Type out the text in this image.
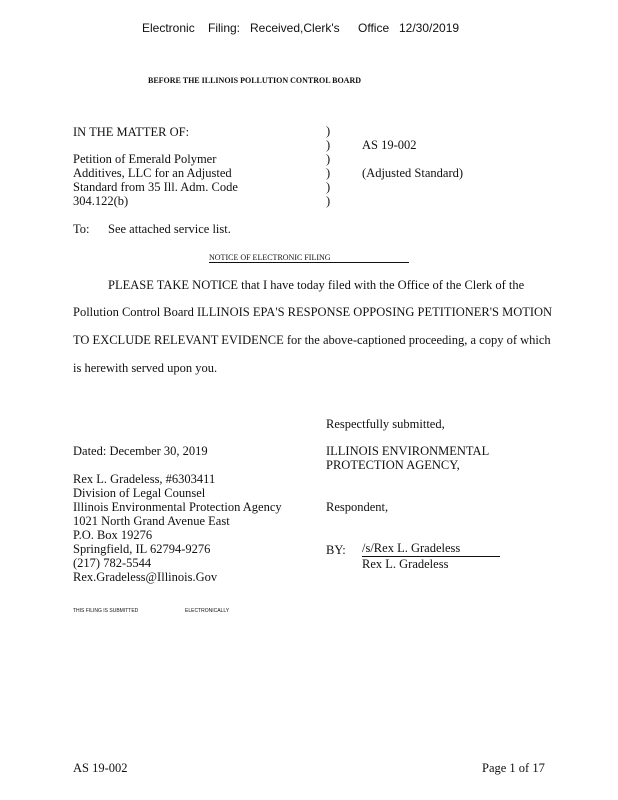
Electronic Filing: Received,Clerk's Office 12/30/2019
BEFORE THE ILLINOIS POLLUTION CONTROL BOARD
IN THE MATTER OF:
Petition of Emerald Polymer
Additives, LLC for an Adjusted
Standard from 35 Ill. Adm. Code
304.122(b)
)
)
)
)
)
)
AS 19-002
(Adjusted Standard)
To: See attached service list.
NOTICE OF ELECTRONIC FILING
PLEASE TAKE NOTICE that I have today filed with the Office of the Clerk of the
Pollution Control Board ILLINOIS EPA'S RESPONSE OPPOSING PETITIONER'S MOTION
TO EXCLUDE RELEVANT EVIDENCE for the above-captioned proceeding, a copy of which
is herewith served upon you.
Respectfully submitted,
ILLINOIS ENVIRONMENTAL
PROTECTION AGENCY,
Respondent,
BY: /s/Rex L. Gradeless
Rex L. Gradeless
Dated: December 30, 2019
Rex L. Gradeless, #6303411
Division of Legal Counsel
Illinois Environmental Protection Agency
1021 North Grand Avenue East
P.O. Box 19276
Springfield, IL 62794-9276
(217) 782-5544
Rex.Gradeless@Illinois.Gov
THIS FILING IS SUBMITTED	ELECTRONICALLY
AS 19-002	Page 1 of 17
